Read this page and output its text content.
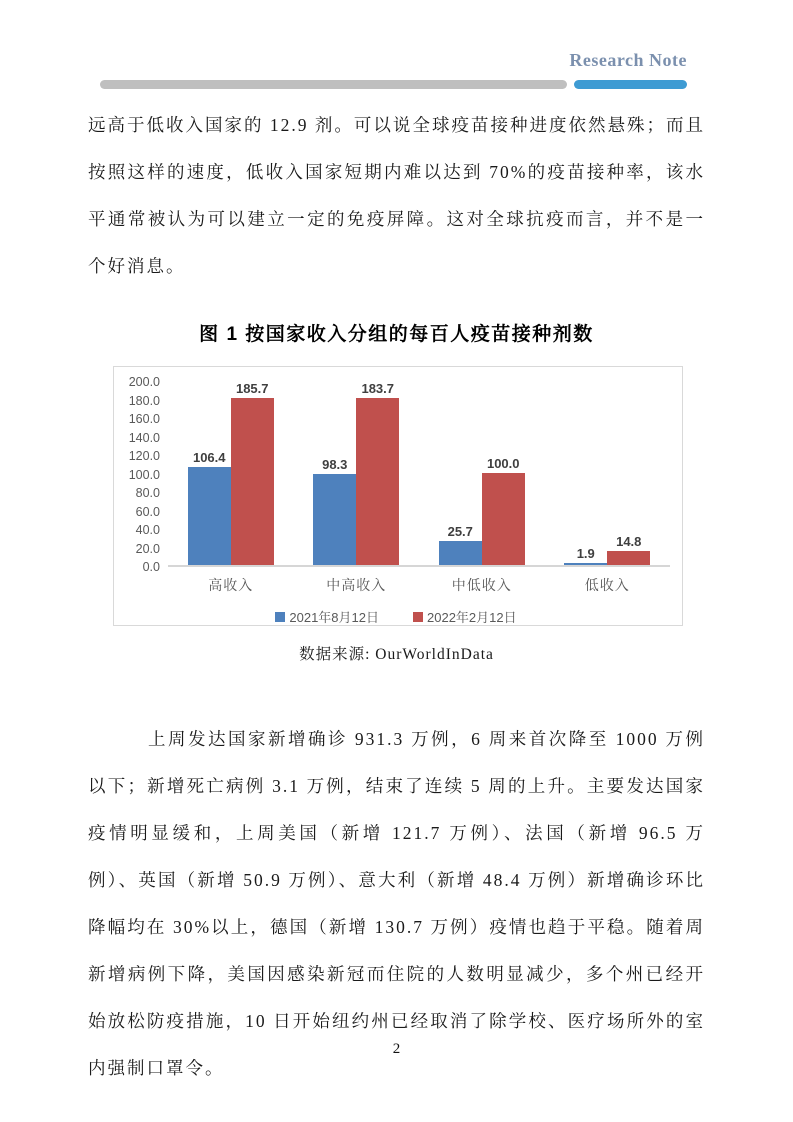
Research Note

远高于低收入国家的 12.9 剂。可以说全球疫苗接种进度依然悬殊；而且按照这样的速度，低收入国家短期内难以达到 70%的疫苗接种率，该水平通常被认为可以建立一定的免疫屏障。这对全球抗疫而言，并不是一个好消息。

图 1 按国家收入分组的每百人疫苗接种剂数
200.0
180.0
160.0
140.0
120.0
100.0
80.0
60.0
40.0
20.0
0.0
106.4
185.7
98.3
183.7
25.7
100.0
1.9
14.8
高收入	中高收入	中低收入	低收入
2021年8月12日	2022年2月12日
数据来源: OurWorldInData

上周发达国家新增确诊 931.3 万例，6 周来首次降至 1000 万例以下；新增死亡病例 3.1 万例，结束了连续 5 周的上升。主要发达国家疫情明显缓和，上周美国（新增 121.7 万例）、法国（新增 96.5 万例）、英国（新增 50.9 万例）、意大利（新增 48.4 万例）新增确诊环比降幅均在 30%以上，德国（新增 130.7 万例）疫情也趋于平稳。随着周新增病例下降，美国因感染新冠而住院的人数明显减少，多个州已经开始放松防疫措施，10 日开始纽约州已经取消了除学校、医疗场所外的室内强制口罩令。

2
